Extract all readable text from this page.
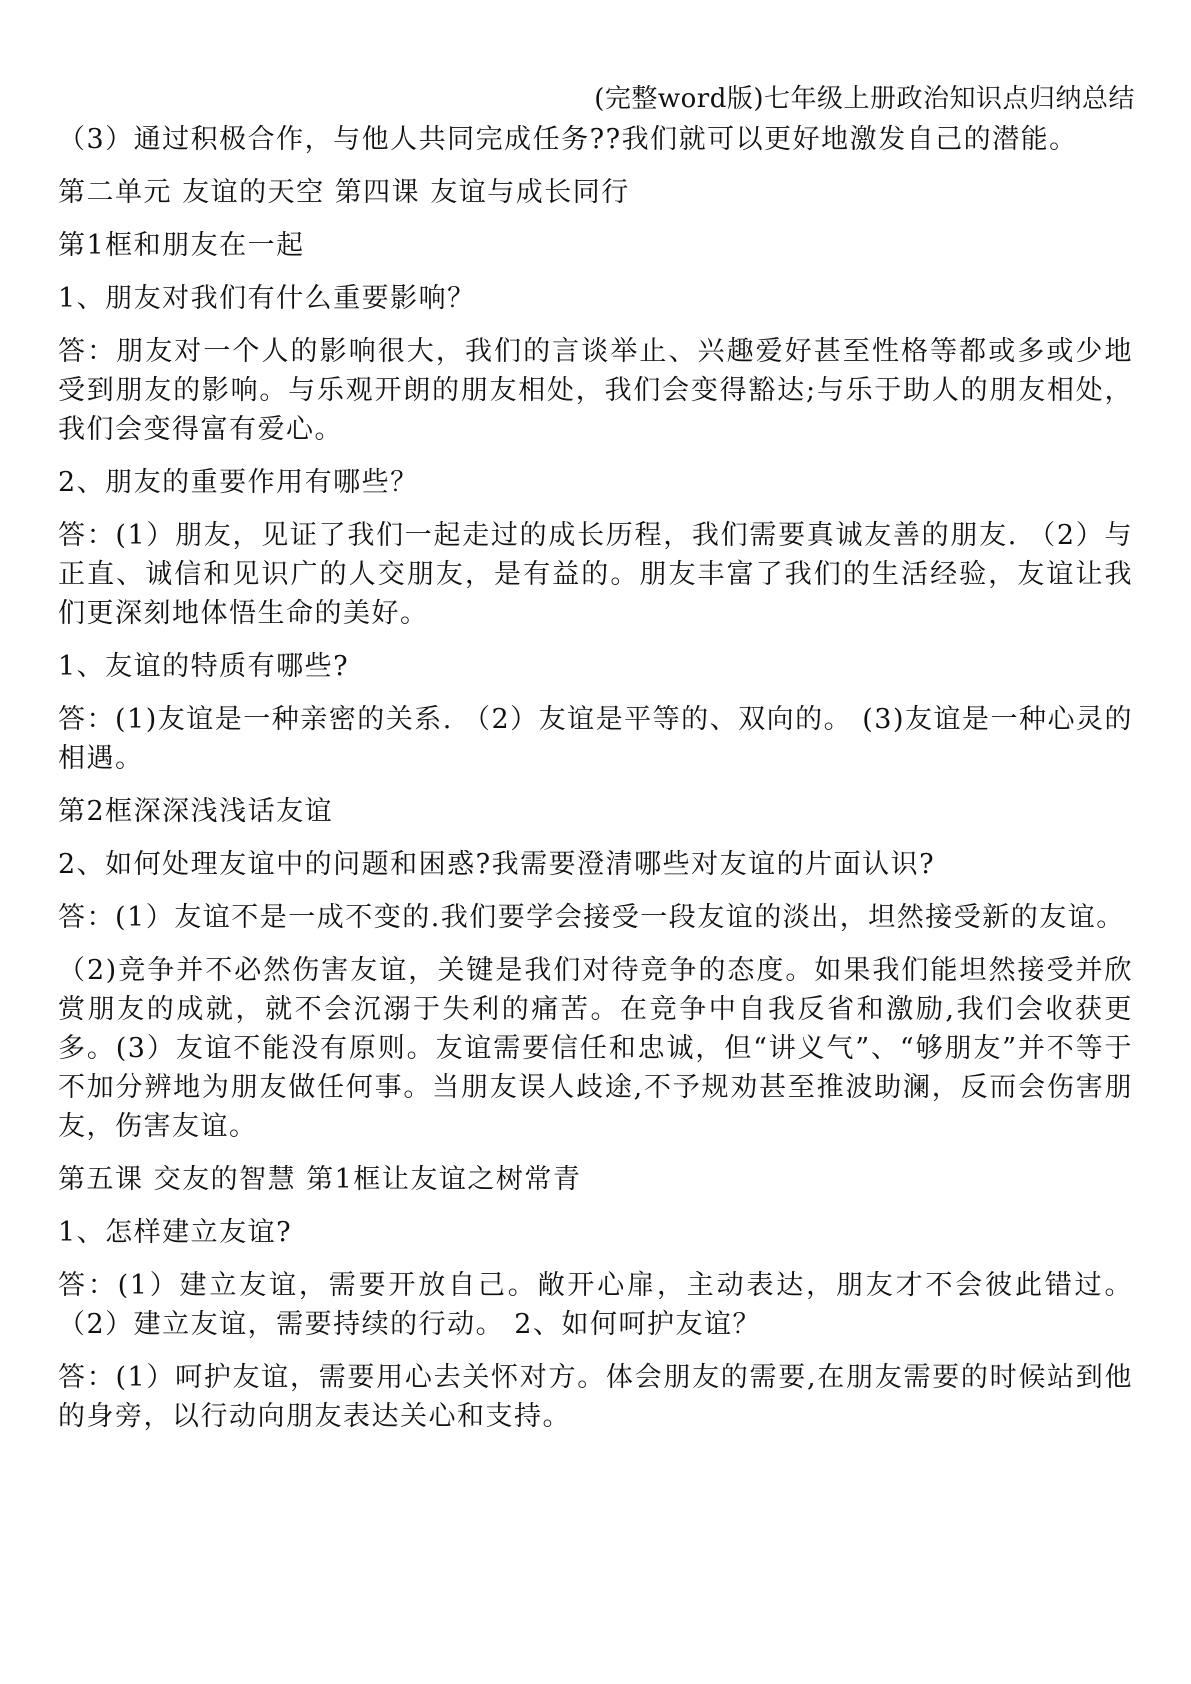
(完整word版)七年级上册政治知识点归纳总结

（3）通过积极合作，与他人共同完成任务??我们就可以更好地激发自己的潜能。

第二单元 友谊的天空 第四课 友谊与成长同行

第1框和朋友在一起

1、朋友对我们有什么重要影响？

答：朋友对一个人的影响很大，我们的言谈举止、兴趣爱好甚至性格等都或多或少地受到朋友的影响。与乐观开朗的朋友相处，我们会变得豁达;与乐于助人的朋友相处，我们会变得富有爱心。

2、朋友的重要作用有哪些？

答：(1）朋友，见证了我们一起走过的成长历程，我们需要真诚友善的朋友. （2）与正直、诚信和见识广的人交朋友，是有益的。朋友丰富了我们的生活经验，友谊让我们更深刻地体悟生命的美好。

1、友谊的特质有哪些?

答：(1)友谊是一种亲密的关系. （2）友谊是平等的、双向的。 (3)友谊是一种心灵的相遇。

第2框深深浅浅话友谊

2、如何处理友谊中的问题和困惑?我需要澄清哪些对友谊的片面认识?

答：(1）友谊不是一成不变的.我们要学会接受一段友谊的淡出，坦然接受新的友谊。

（2)竞争并不必然伤害友谊，关键是我们对待竞争的态度。如果我们能坦然接受并欣赏朋友的成就，就不会沉溺于失利的痛苦。在竞争中自我反省和激励,我们会收获更多。(3）友谊不能没有原则。友谊需要信任和忠诚，但“讲义气”、“够朋友”并不等于不加分辨地为朋友做任何事。当朋友误人歧途,不予规劝甚至推波助澜，反而会伤害朋友，伤害友谊。

第五课 交友的智慧 第1框让友谊之树常青

1、怎样建立友谊?

答：(1）建立友谊，需要开放自己。敞开心扉，主动表达，朋友才不会彼此错过。 （2）建立友谊，需要持续的行动。 2、如何呵护友谊？

答：(1）呵护友谊，需要用心去关怀对方。体会朋友的需要,在朋友需要的时候站到他的身旁，以行动向朋友表达关心和支持。
